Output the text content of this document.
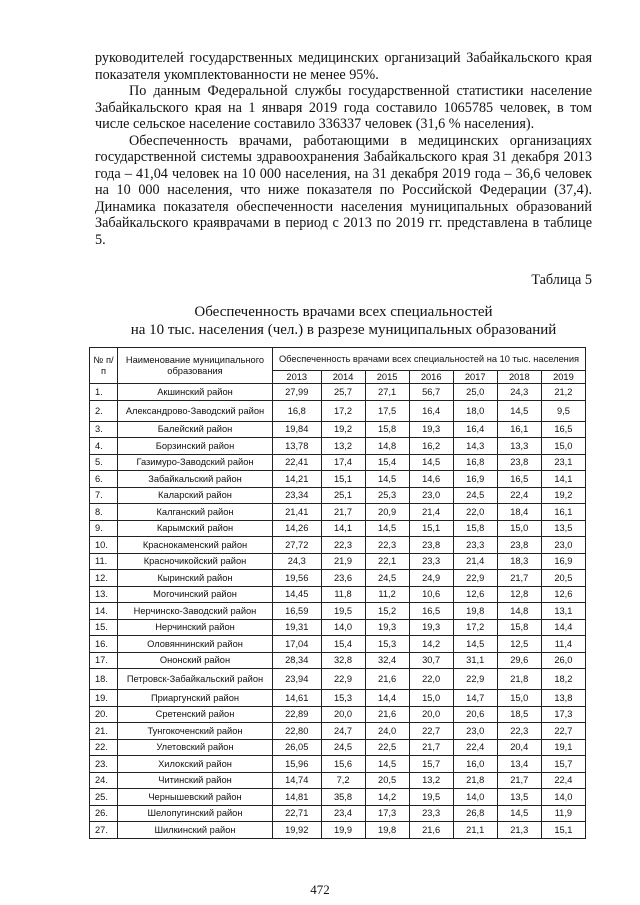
руководителей государственных медицинских организаций Забайкальского края показателя укомплектованности не менее 95%.

По данным Федеральной службы государственной статистики население Забайкальского края на 1 января 2019 года составило 1065785 человек, в том числе сельское население составило 336337 человек (31,6 % населения).

Обеспеченность врачами, работающими в медицинских организациях государственной системы здравоохранения Забайкальского края 31 декабря 2013 года – 41,04 человек на 10 000 населения, на 31 декабря 2019 года – 36,6 человек на 10 000 населения, что ниже показателя по Российской Федерации (37,4). Динамика показателя обеспеченности населения муниципальных образований Забайкальского краяврачами в период с 2013 по 2019 гг. представлена в таблице 5.

Таблица 5
Обеспеченность врачами всех специальностей
на 10 тыс. населения (чел.) в разрезе муниципальных образований
№ п/п	Наименование муниципального образования	Обеспеченность врачами всех специальностей на 10 тыс. населения						
		2013	2014	2015	2016	2017	2018	2019
1.	Акшинский район	27,99	25,7	27,1	56,7	25,0	24,3	21,2
2.	Александрово-Заводский район	16,8	17,2	17,5	16,4	18,0	14,5	9,5
3.	Балейский район	19,84	19,2	15,8	19,3	16,4	16,1	16,5
4.	Борзинский район	13,78	13,2	14,8	16,2	14,3	13,3	15,0
5.	Газимуро-Заводский район	22,41	17,4	15,4	14,5	16,8	23,8	23,1
6.	Забайкальский район	14,21	15,1	14,5	14,6	16,9	16,5	14,1
7.	Каларский район	23,34	25,1	25,3	23,0	24,5	22,4	19,2
8.	Калганский район	21,41	21,7	20,9	21,4	22,0	18,4	16,1
9.	Карымский район	14,26	14,1	14,5	15,1	15,8	15,0	13,5
10.	Краснокаменский район	27,72	22,3	22,3	23,8	23,3	23,8	23,0
11.	Красночикойский район	24,3	21,9	22,1	23,3	21,4	18,3	16,9
12.	Кыринский район	19,56	23,6	24,5	24,9	22,9	21,7	20,5
13.	Могочинский район	14,45	11,8	11,2	10,6	12,6	12,8	12,6
14.	Нерчинско-Заводский район	16,59	19,5	15,2	16,5	19,8	14,8	13,1
15.	Нерчинский район	19,31	14,0	19,3	19,3	17,2	15,8	14,4
16.	Оловяннинский район	17,04	15,4	15,3	14,2	14,5	12,5	11,4
17.	Ононский район	28,34	32,8	32,4	30,7	31,1	29,6	26,0
18.	Петровск-Забайкальский район	23,94	22,9	21,6	22,0	22,9	21,8	18,2
19.	Приаргунский район	14,61	15,3	14,4	15,0	14,7	15,0	13,8
20.	Сретенский район	22,89	20,0	21,6	20,0	20,6	18,5	17,3
21.	Тунгокоченский район	22,80	24,7	24,0	22,7	23,0	22,3	22,7
22.	Улетовский район	26,05	24,5	22,5	21,7	22,4	20,4	19,1
23.	Хилокский район	15,96	15,6	14,5	15,7	16,0	13,4	15,7
24.	Читинский район	14,74	7,2	20,5	13,2	21,8	21,7	22,4
25.	Чернышевский район	14,81	35,8	14,2	19,5	14,0	13,5	14,0
26.	Шелопугинский район	22,71	23,4	17,3	23,3	26,8	14,5	11,9
27.	Шилкинский район	19,92	19,9	19,8	21,6	21,1	21,3	15,1
472
